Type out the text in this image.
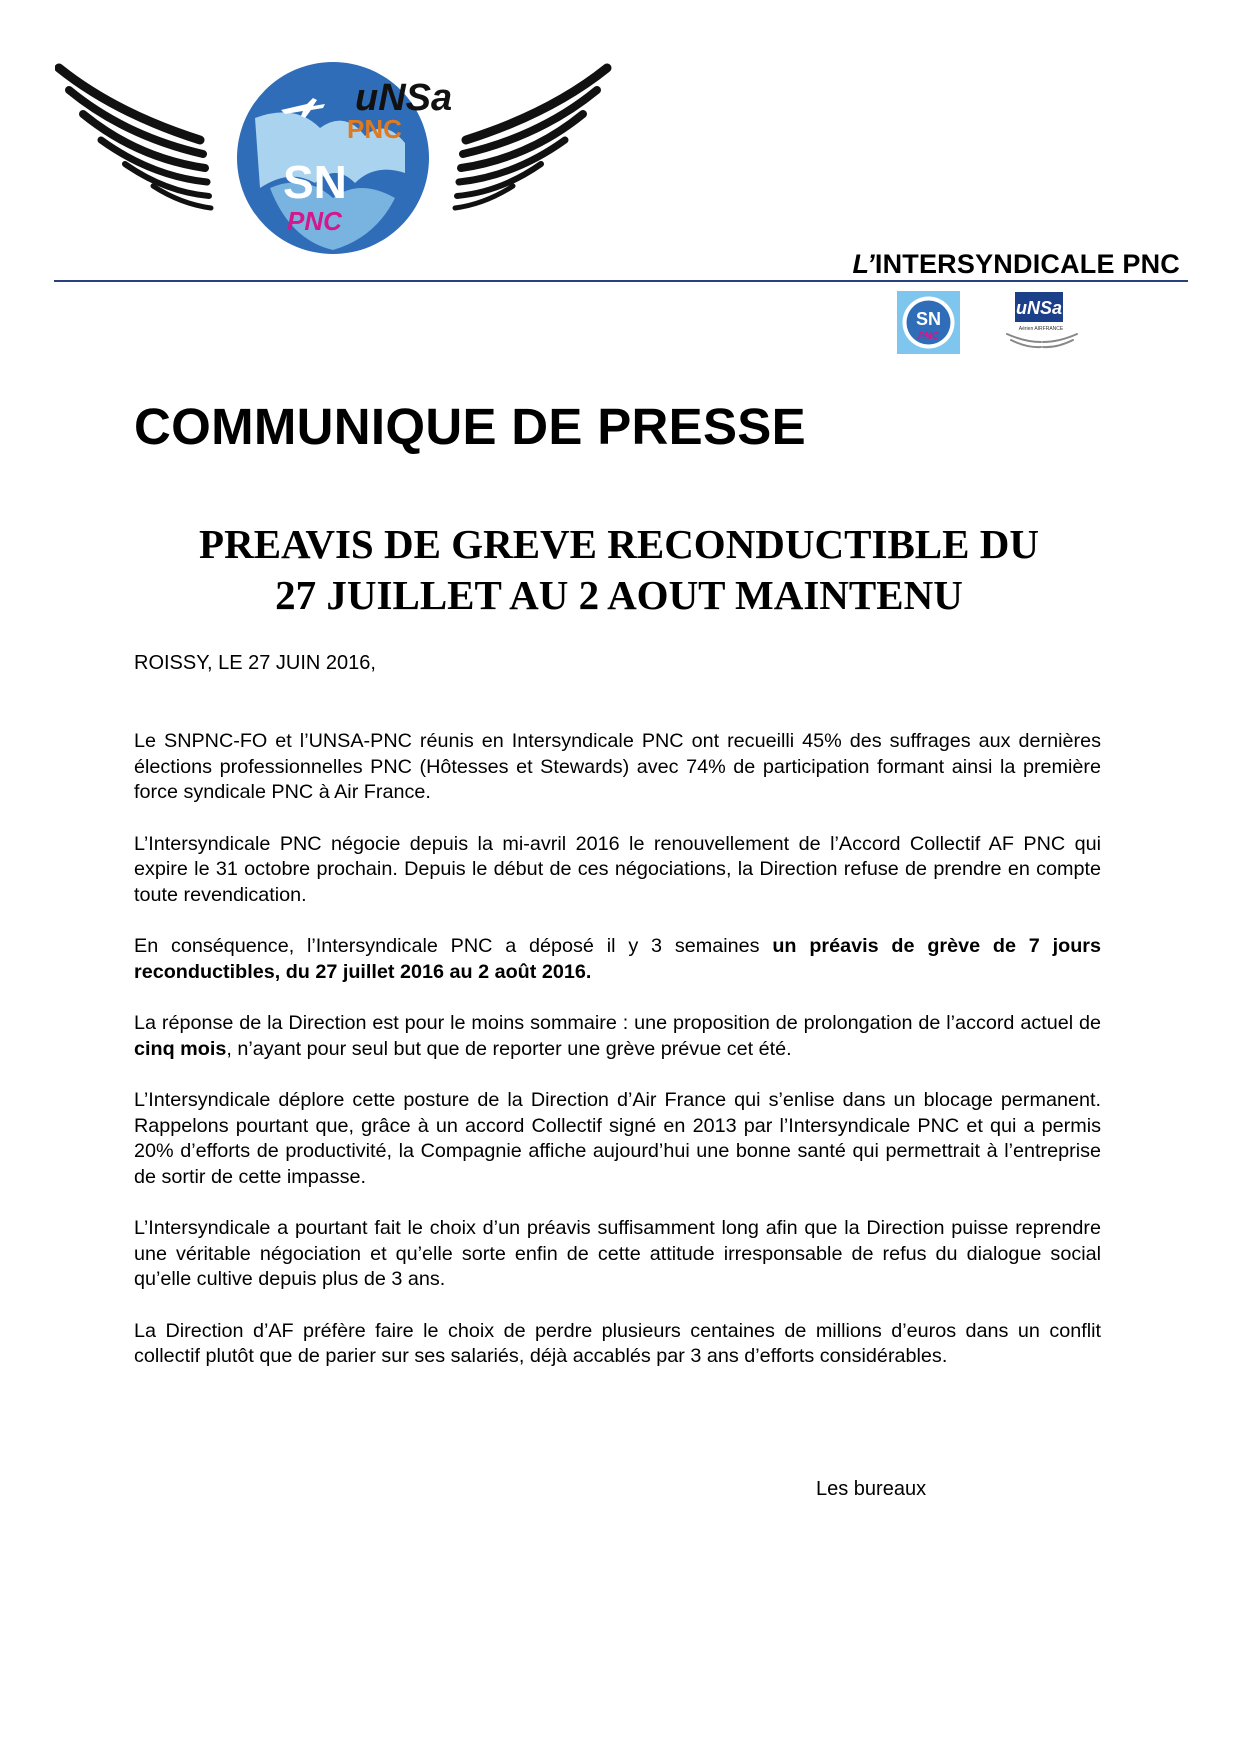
uNSa
PNC
SN
PNC
L’INTERSYNDICALE PNC
SN
PNC
uNSa
Aérien AIRFRANCE
COMMUNIQUE DE PRESSE
PREAVIS DE GREVE RECONDUCTIBLE DU
27 JUILLET AU 2 AOUT MAINTENU
ROISSY, LE 27 JUIN 2016,

Le SNPNC-FO et l’UNSA-PNC réunis en Intersyndicale PNC ont recueilli 45% des suffrages aux dernières élections professionnelles PNC (Hôtesses et Stewards) avec 74% de participation formant ainsi la première force syndicale PNC à Air France.

L’Intersyndicale PNC négocie depuis la mi-avril 2016 le renouvellement de l’Accord Collectif AF PNC qui expire le 31 octobre prochain. Depuis le début de ces négociations, la Direction refuse de prendre en compte toute revendication.

En conséquence, l’Intersyndicale PNC a déposé il y 3 semaines un préavis de grève de 7 jours reconductibles, du 27 juillet 2016 au 2 août 2016.

La réponse de la Direction est pour le moins sommaire : une proposition de prolongation de l’accord actuel de cinq mois, n’ayant pour seul but que de reporter une grève prévue cet été.

L’Intersyndicale déplore cette posture de la Direction d’Air France qui s’enlise dans un blocage permanent. Rappelons pourtant que, grâce à un accord Collectif signé en 2013 par l’Intersyndicale PNC et qui a permis 20% d’efforts de productivité, la Compagnie affiche aujourd’hui une bonne santé qui permettrait à l’entreprise de sortir de cette impasse.

L’Intersyndicale a pourtant fait le choix d’un préavis suffisamment long afin que la Direction puisse reprendre une véritable négociation et qu’elle sorte enfin de cette attitude irresponsable de refus du dialogue social qu’elle cultive depuis plus de 3 ans.

La Direction d’AF préfère faire le choix de perdre plusieurs centaines de millions d’euros dans un conflit collectif plutôt que de parier sur ses salariés, déjà accablés par 3 ans d’efforts considérables.

Les bureaux
